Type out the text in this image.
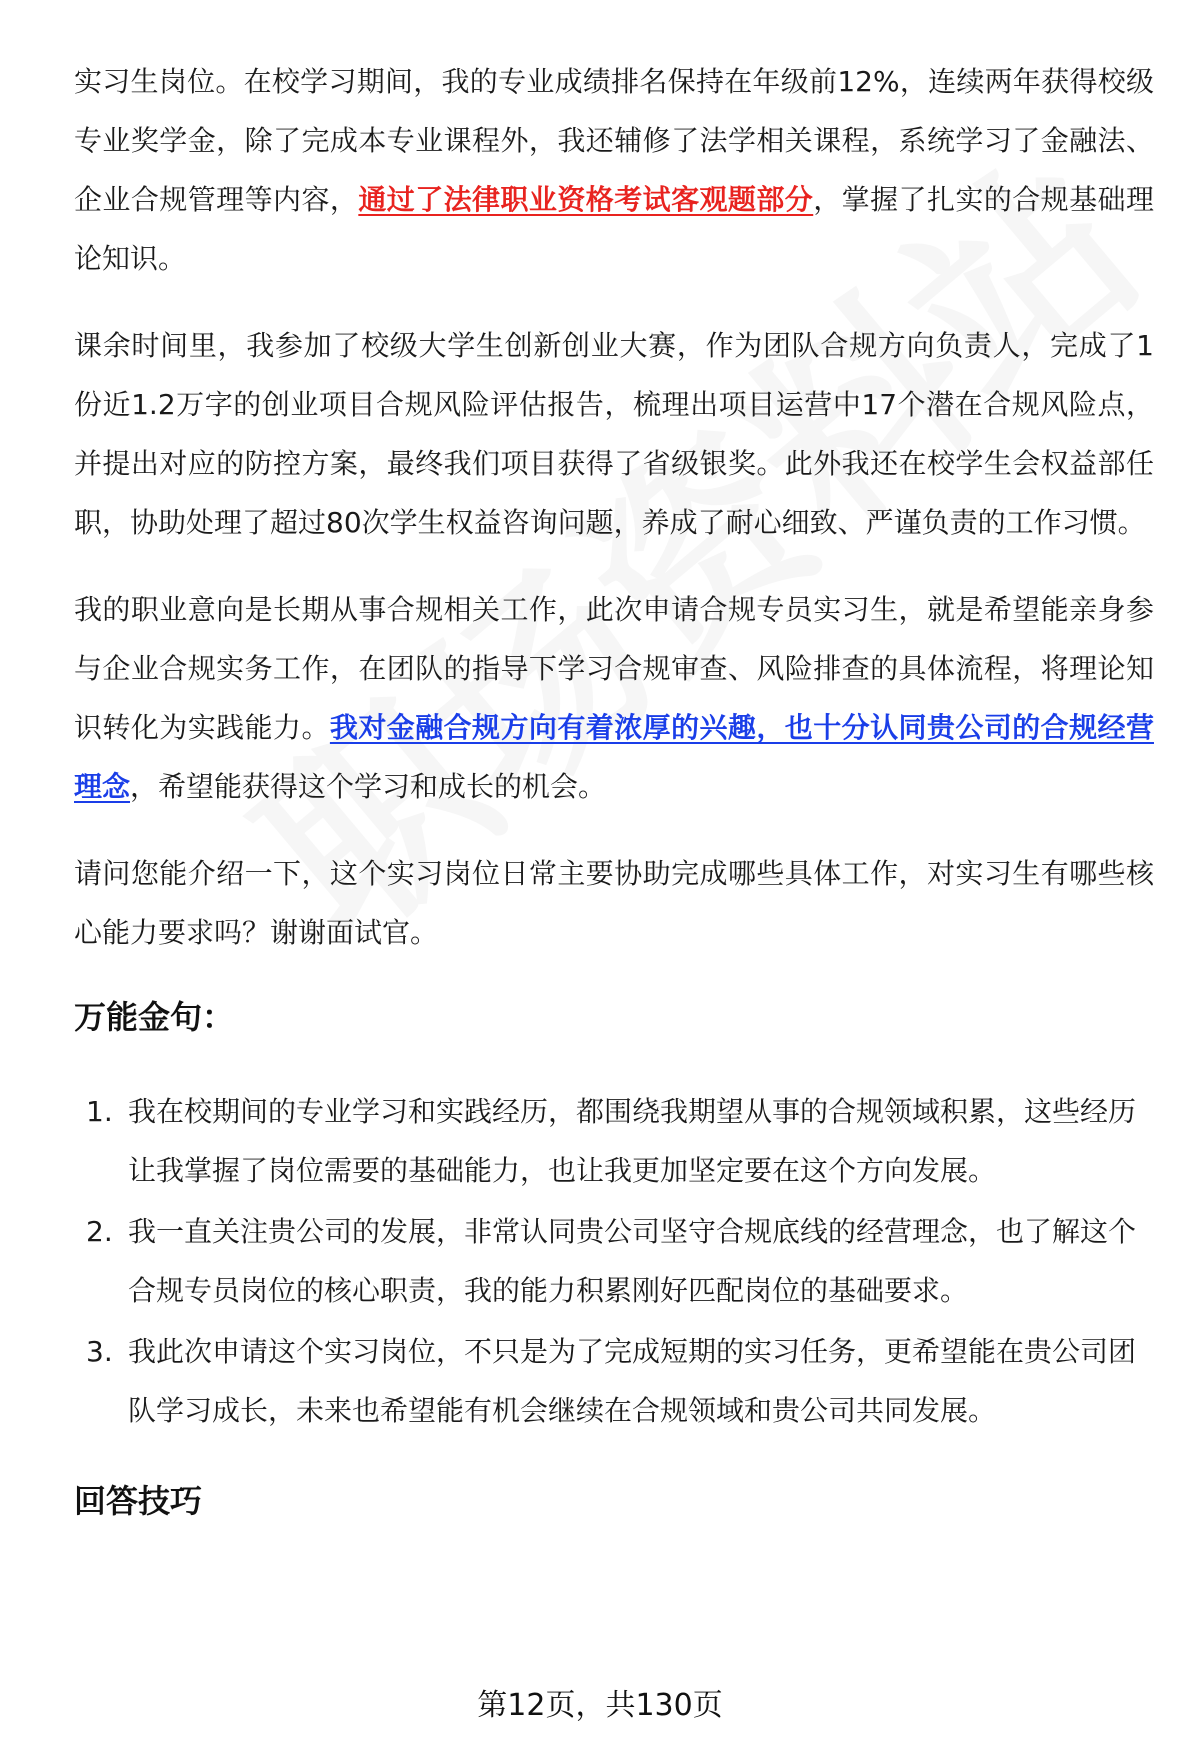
实习生岗位。在校学习期间，我的专业成绩排名保持在年级前12%，连续两年获得校级专业奖学金，除了完成本专业课程外，我还辅修了法学相关课程，系统学习了金融法、企业合规管理等内容，通过了法律职业资格考试客观题部分，掌握了扎实的合规基础理论知识。

课余时间里，我参加了校级大学生创新创业大赛，作为团队合规方向负责人，完成了1份近1.2万字的创业项目合规风险评估报告，梳理出项目运营中17个潜在合规风险点，并提出对应的防控方案，最终我们项目获得了省级银奖。此外我还在校学生会权益部任职，协助处理了超过80次学生权益咨询问题，养成了耐心细致、严谨负责的工作习惯。

我的职业意向是长期从事合规相关工作，此次申请合规专员实习生，就是希望能亲身参与企业合规实务工作，在团队的指导下学习合规审查、风险排查的具体流程，将理论知识转化为实践能力。我对金融合规方向有着浓厚的兴趣，也十分认同贵公司的合规经营理念，希望能获得这个学习和成长的机会。

请问您能介绍一下，这个实习岗位日常主要协助完成哪些具体工作，对实习生有哪些核心能力要求吗？谢谢面试官。

万能金句：
1. 我在校期间的专业学习和实践经历，都围绕我期望从事的合规领域积累，这些经历让我掌握了岗位需要的基础能力，也让我更加坚定要在这个方向发展。
2. 我一直关注贵公司的发展，非常认同贵公司坚守合规底线的经营理念，也了解这个合规专员岗位的核心职责，我的能力积累刚好匹配岗位的基础要求。
3. 我此次申请这个实习岗位，不只是为了完成短期的实习任务，更希望能在贵公司团队学习成长，未来也希望能有机会继续在合规领域和贵公司共同发展。
回答技巧
第12页，共130页
